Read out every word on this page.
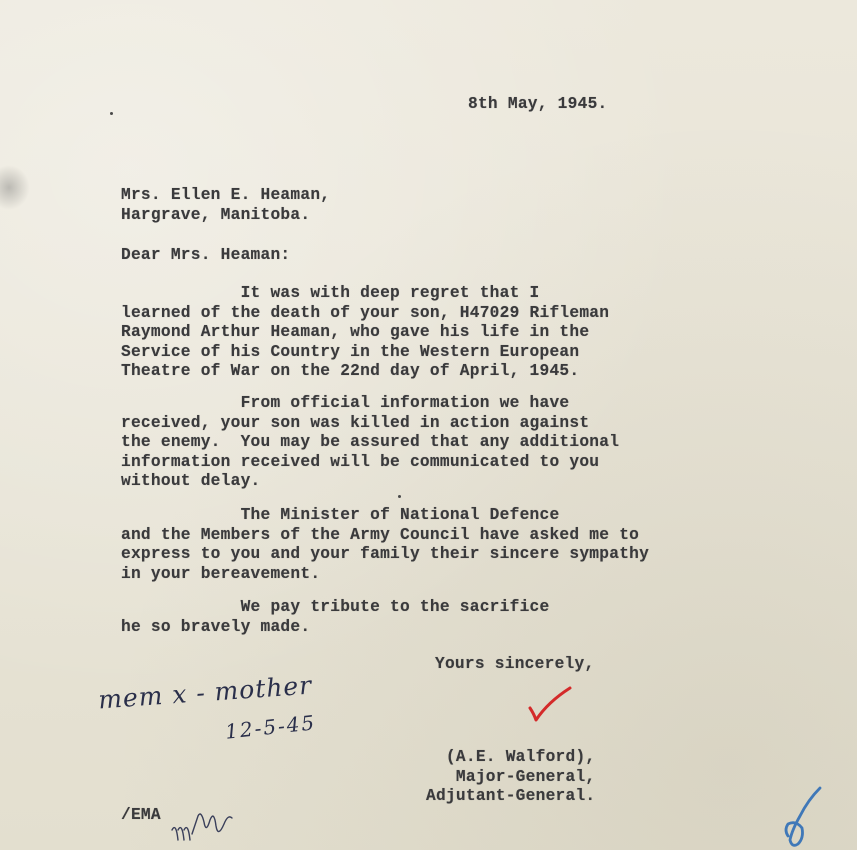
8th May, 1945.
Mrs. Ellen E. Heaman,
Hargrave, Manitoba.
Dear Mrs. Heaman:
It was with deep regret that I
learned of the death of your son, H47029 Rifleman
Raymond Arthur Heaman, who gave his life in the
Service of his Country in the Western European
Theatre of War on the 22nd day of April, 1945.
From official information we have
received, your son was killed in action against
the enemy.  You may be assured that any additional
information received will be communicated to you
without delay.
The Minister of National Defence
and the Members of the Army Council have asked me to
express to you and your family their sincere sympathy
in your bereavement.
We pay tribute to the sacrifice
he so bravely made.
Yours sincerely,
(A.E. Walford),
Major-General,
Adjutant-General.
/EMA
mem x - mother
12-5-45
8
